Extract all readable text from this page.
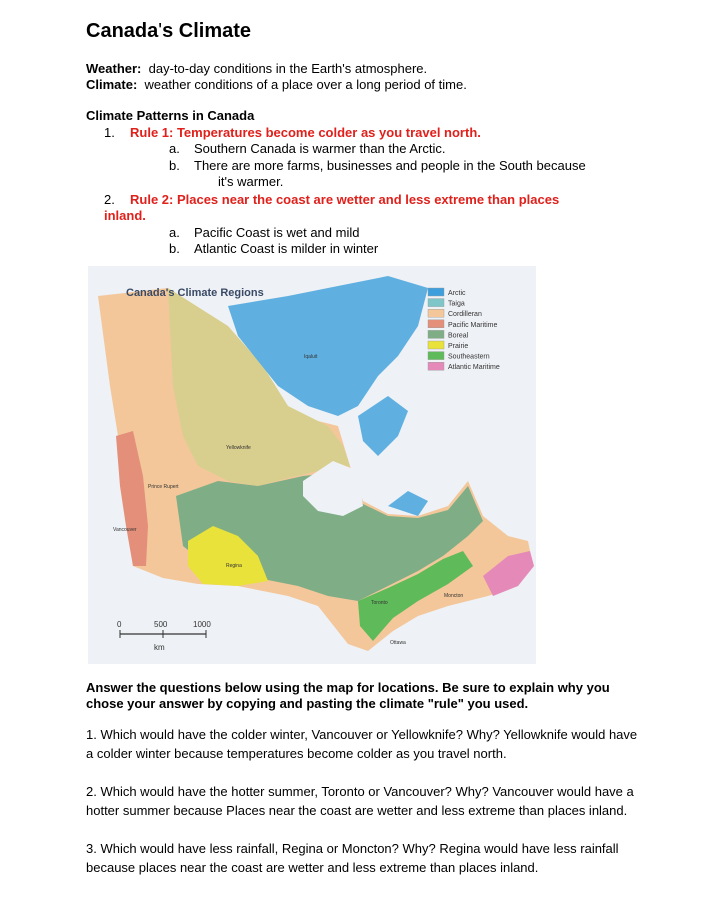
Canada's Climate
Weather:  day-to-day conditions in the Earth's atmosphere.
Climate:  weather conditions of a place over a long period of time.
Climate Patterns in Canada
1.	Rule 1: Temperatures become colder as you travel north.
a. Southern Canada is warmer than the Arctic.
b. There are more farms, businesses and people in the South because
it's warmer.
2.	Rule 2: Places near the coast are wetter and less extreme than places
inland.
a. Pacific Coast is wet and mild
b. Atlantic Coast is milder in winter
Canada's Climate Regions
Yellowknife
Prince Rupert
Vancouver
Regina
Toronto
Moncton
Iqaluit
Ottawa
0	500	1000
km
Arctic
Taiga
Cordilleran
Pacific Maritime
Boreal
Prairie
Southeastern
Atlantic Maritime

Answer the questions below using the map for locations. Be sure to explain why you chose your answer by copying and pasting the climate "rule" you used.

1. Which would have the colder winter, Vancouver or Yellowknife? Why? Yellowknife would have a colder winter because temperatures become colder as you travel north.

2. Which would have the hotter summer, Toronto or Vancouver? Why? Vancouver would have a hotter summer because Places near the coast are wetter and less extreme than places inland.

3. Which would have less rainfall, Regina or Moncton? Why? Regina would have less rainfall because places near the coast are wetter and less extreme than places inland.
